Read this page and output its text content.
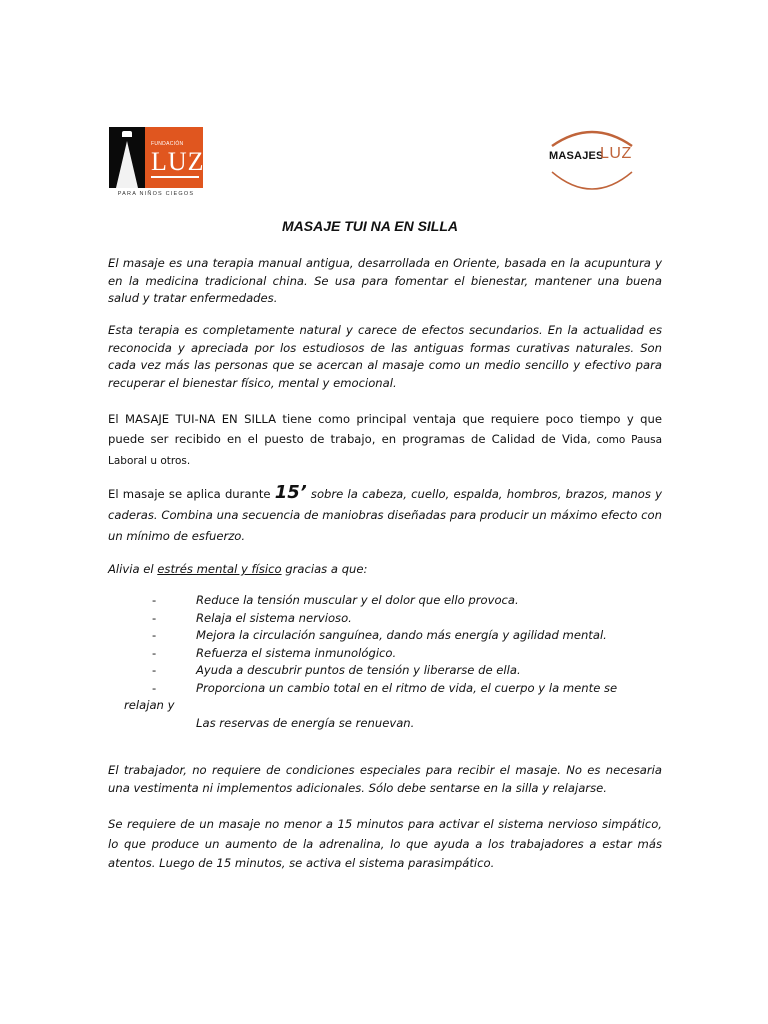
FUNDACIÓN
LUZ
PARA NIÑOS CIEGOS
MASAJES
LUZ
MASAJE TUI NA EN SILLA

El masaje es una terapia manual antigua, desarrollada en Oriente, basada en la acupuntura y en la medicina tradicional china. Se usa para fomentar el bienestar, mantener una buena salud y tratar enfermedades.

Esta terapia es completamente natural y carece de efectos secundarios. En la actualidad es reconocida y apreciada por los estudiosos de las antiguas formas curativas naturales. Son cada vez más las personas que se acercan al masaje como un medio sencillo y efectivo para recuperar el bienestar físico, mental y emocional.

El MASAJE TUI-NA EN SILLA tiene como principal ventaja que requiere poco tiempo y que puede ser recibido en el puesto de trabajo, en programas de Calidad de Vida, como Pausa Laboral u otros.

El masaje se aplica durante 15’ sobre la cabeza, cuello, espalda, hombros, brazos, manos y caderas. Combina una secuencia de maniobras diseñadas para producir un máximo efecto con un mínimo de esfuerzo.

Alivia el estrés mental y físico gracias a que:

-	Reduce la tensión muscular y el dolor que ello provoca.
-	Relaja el sistema nervioso.
-	Mejora la circulación sanguínea, dando más energía y agilidad mental.
-	Refuerza el sistema inmunológico.
-	Ayuda a descubrir puntos de tensión y liberarse de ella.
-	Proporciona un cambio total en el ritmo de vida, el cuerpo y la mente se
relajan y
Las reservas de energía se renuevan.

El trabajador, no requiere de condiciones especiales para recibir el masaje. No es necesaria una vestimenta ni implementos adicionales. Sólo debe sentarse en la silla y relajarse.

Se requiere de un masaje no menor a 15 minutos para activar el sistema nervioso simpático, lo que produce un aumento de la adrenalina, lo que ayuda a los trabajadores a estar más atentos. Luego de 15 minutos, se activa el sistema parasimpático.
